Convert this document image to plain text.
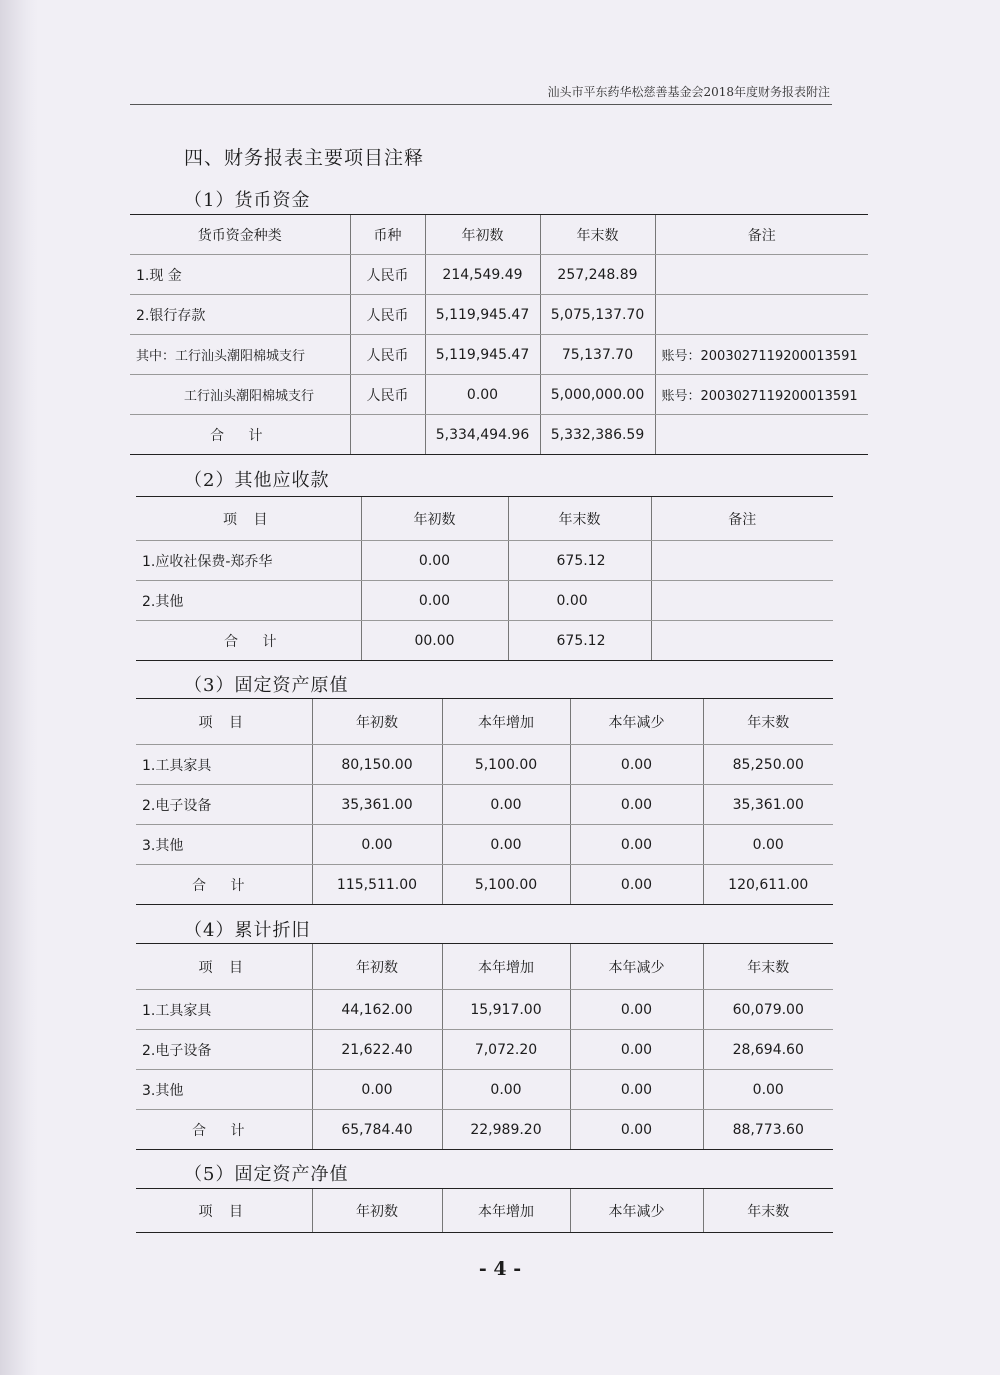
汕头市平东药华松慈善基金会2018年度财务报表附注
四、财务报表主要项目注释
（1）货币资金
货币资金种类	币种	年初数	年末数	备注
1.现 金	人民币	214,549.49	257,248.89	
2.银行存款	人民币	5,119,945.47	5,075,137.70	
其中：工行汕头潮阳棉城支行	人民币	5,119,945.47	75,137.70	账号：2003027119200013591
工行汕头潮阳棉城支行	人民币	0.00	5,000,000.00	账号：2003027119200013591
合 计		5,334,494.96	5,332,386.59	
（2）其他应收款
项 目	年初数	年末数	备注
1.应收社保费-郑乔华	0.00	675.12	
2.其他	0.00	0.00	
合 计	00.00	675.12	
（3）固定资产原值
项 目	年初数	本年增加	本年减少	年末数
1.工具家具	80,150.00	5,100.00	0.00	85,250.00
2.电子设备	35,361.00	0.00	0.00	35,361.00
3.其他	0.00	0.00	0.00	0.00
合 计	115,511.00	5,100.00	0.00	120,611.00
（4）累计折旧
项 目	年初数	本年增加	本年减少	年末数
1.工具家具	44,162.00	15,917.00	0.00	60,079.00
2.电子设备	21,622.40	7,072.20	0.00	28,694.60
3.其他	0.00	0.00	0.00	0.00
合 计	65,784.40	22,989.20	0.00	88,773.60
（5）固定资产净值
项 目	年初数	本年增加	本年减少	年末数
- 4 -
